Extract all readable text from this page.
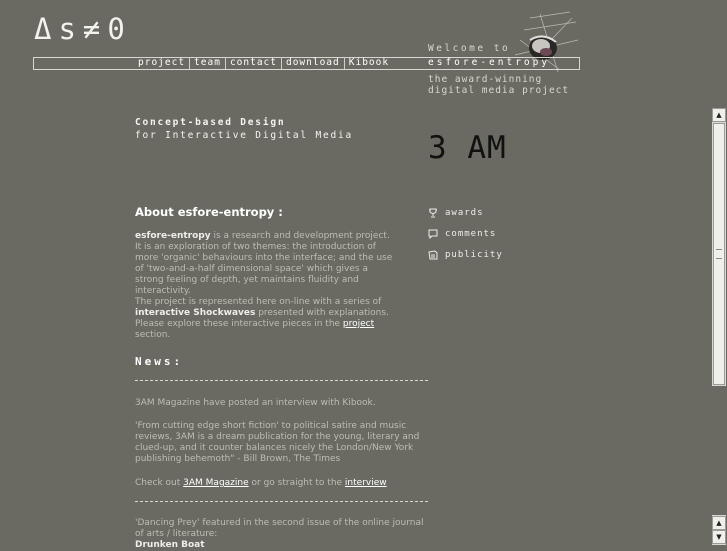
Δs≠0
Welcome to
project team contact download Kibook	esfore-entropy
the award-winning
digital media project
Concept-based Design
for Interactive Digital Media 3 AM
awards
comments
publicity
About esfore-entropy :
esfore-entropy is a research and development project. It is an exploration of two themes: the introduction of more 'organic' behaviours into the interface; and the use of 'two-and-a-half dimensional space' which gives a strong feeling of depth, yet maintains fluidity and interactivity.
The project is represented here on-line with a series of interactive Shockwaves presented with explanations. Please explore these interactive pieces in the project section.
News:
3AM Magazine have posted an interview with Kibook.
'From cutting edge short fiction' to political satire and music reviews, 3AM is a dream publication for the young, literary and clued-up, and it counter balances nicely the London/New York publishing behemoth" - Bill Brown, The Times
Check out 3AM Magazine or go straight to the interview
'Dancing Prey' featured in the second issue of the online journal of arts / literature:
Drunken Boat
▲
▲
▼
